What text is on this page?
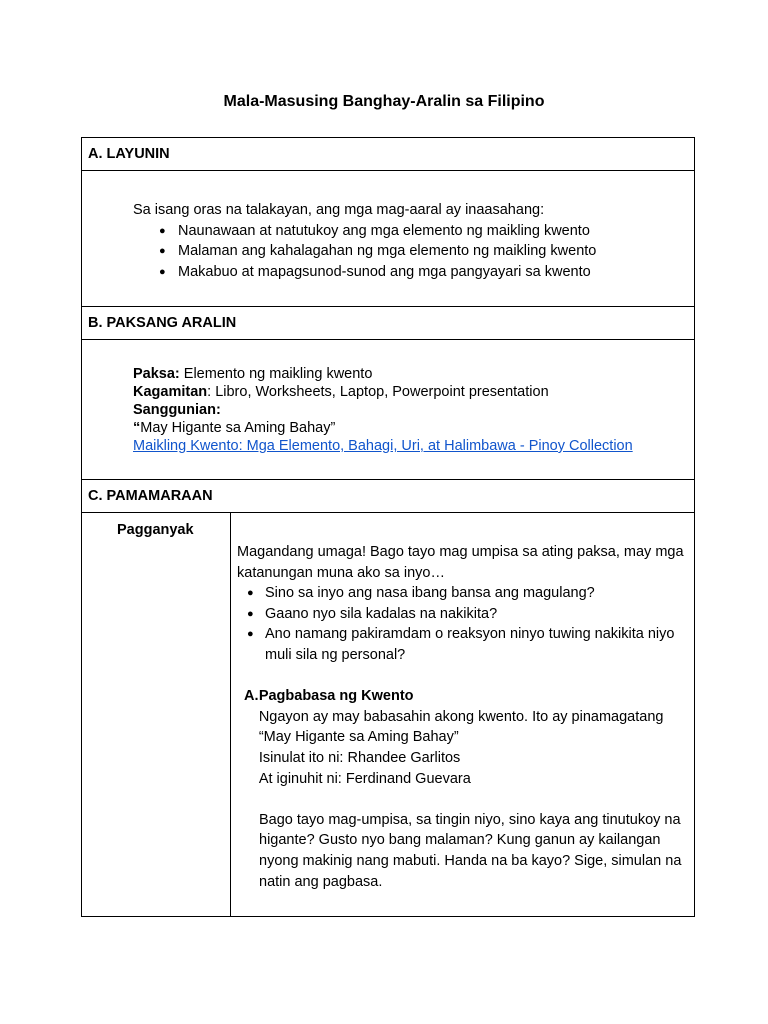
Mala-Masusing Banghay-Aralin sa Filipino
A. LAYUNIN

Sa isang oras na talakayan, ang mga mag-aaral ay inaasahang:
● Naunawaan at natutukoy ang mga elemento ng maikling kwento
● Malaman ang kahalagahan ng mga elemento ng maikling kwento
● Makabuo at mapagsunod-sunod ang mga pangyayari sa kwento

B. PAKSANG ARALIN

Paksa: Elemento ng maikling kwento
Kagamitan: Libro, Worksheets, Laptop, Powerpoint presentation
Sanggunian:
“May Higante sa Aming Bahay”
Maikling Kwento: Mga Elemento, Bahagi, Uri, at Halimbawa - Pinoy Collection

C. PAMAMARAAN
Pagganyak	
Magandang umaga! Bago tayo mag umpisa sa ating paksa, may mga katanungan muna ako sa inyo…
● Sino sa inyo ang nasa ibang bansa ang magulang?
● Gaano nyo sila kadalas na nakikita?
● Ano namang pakiramdam o reaksyon ninyo tuwing nakikita niyo muli sila ng personal?
A. Pagbabasa ng Kwento
Ngayon ay may babasahin akong kwento. Ito ay pinamagatang “May Higante sa Aming Bahay”
Isinulat ito ni: Rhandee Garlitos
At iginuhit ni: Ferdinand Guevara
Bago tayo mag-umpisa, sa tingin niyo, sino kaya ang tinutukoy na higante? Gusto nyo bang malaman? Kung ganun ay kailangan nyong makinig nang mabuti. Handa na ba kayo? Sige, simulan na natin ang pagbasa.
